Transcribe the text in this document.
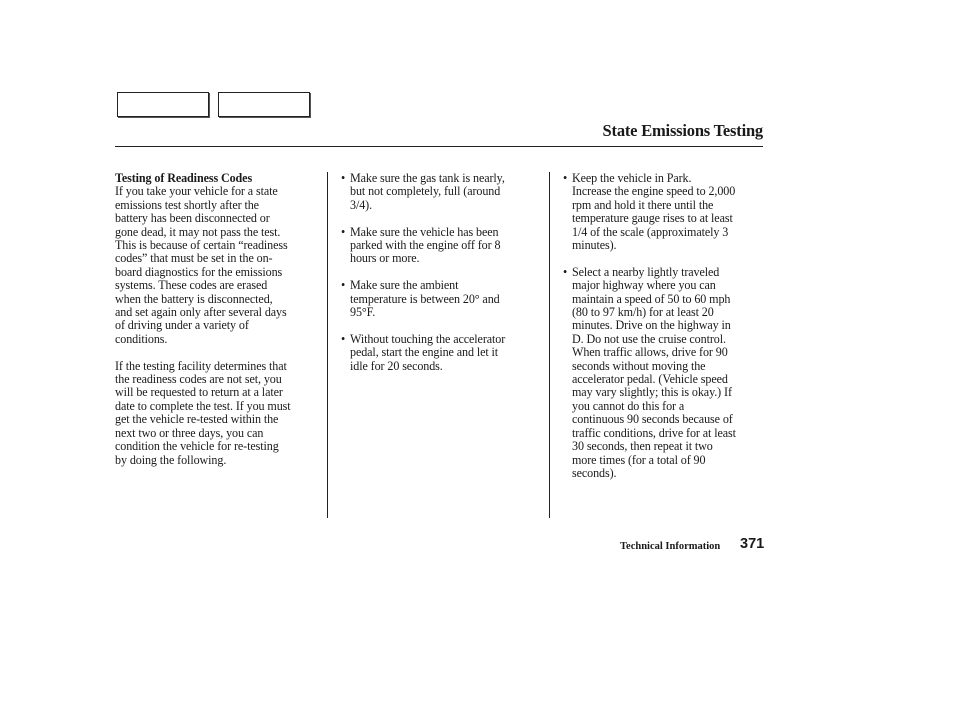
State Emissions Testing
Testing of Readiness Codes
If you take your vehicle for a state
emissions test shortly after the
battery has been disconnected or
gone dead, it may not pass the test.
This is because of certain “readiness
codes” that must be set in the on-
board diagnostics for the emissions
systems. These codes are erased
when the battery is disconnected,
and set again only after several days
of driving under a variety of
conditions.
If the testing facility determines that
the readiness codes are not set, you
will be requested to return at a later
date to complete the test. If you must
get the vehicle re-tested within the
next two or three days, you can
condition the vehicle for re-testing
by doing the following.
• Make sure the gas tank is nearly,
but not completely, full (around
3/4).
• Make sure the vehicle has been
parked with the engine off for 8
hours or more.
• Make sure the ambient
temperature is between 20° and
95°F.
• Without touching the accelerator
pedal, start the engine and let it
idle for 20 seconds.
• Keep the vehicle in Park.
Increase the engine speed to 2,000
rpm and hold it there until the
temperature gauge rises to at least
1/4 of the scale (approximately 3
minutes).
• Select a nearby lightly traveled
major highway where you can
maintain a speed of 50 to 60 mph
(80 to 97 km/h) for at least 20
minutes. Drive on the highway in
D. Do not use the cruise control.
When traffic allows, drive for 90
seconds without moving the
accelerator pedal. (Vehicle speed
may vary slightly; this is okay.) If
you cannot do this for a
continuous 90 seconds because of
traffic conditions, drive for at least
30 seconds, then repeat it two
more times (for a total of 90
seconds).
Technical Information 371
